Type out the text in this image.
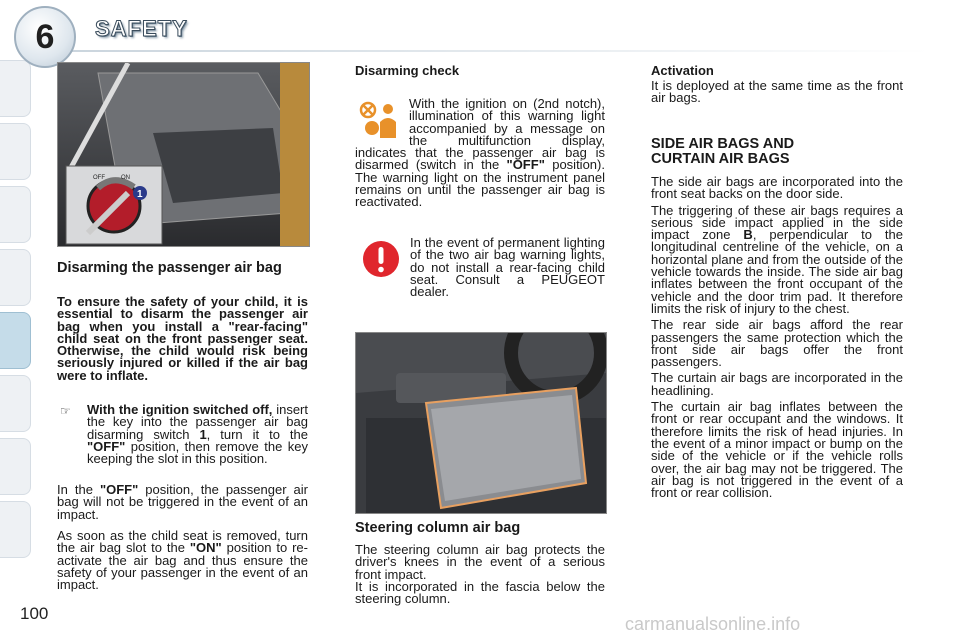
6 SAFETY
1
OFF	ON
Disarming the passenger air bag
To ensure the safety of your child, it is essential to disarm the passenger air bag when you install a "rear-facing" child seat on the front passenger seat. Otherwise, the child would risk being seriously injured or killed if the air bag were to inflate.
☞ With the ignition switched off, insert the key into the passenger air bag disarming switch 1, turn it to the "OFF" position, then remove the key keeping the slot in this position.
In the "OFF" position, the passenger air bag will not be triggered in the event of an impact.
As soon as the child seat is removed, turn the air bag slot to the "ON" position to re-activate the air bag and thus ensure the safety of your passenger in the event of an impact.
Disarming check
With the ignition on (2nd notch), illumination of this warning light accompanied by a message on the multifunction display, indicates that the passenger air bag is disarmed (switch in the "OFF" position). The warning light on the instrument panel remains on until the passenger air bag is reactivated.
In the event of permanent lighting of the two air bag warning lights, do not install a rear-facing child seat. Consult a PEUGEOT dealer.
Steering column air bag
The steering column air bag protects the driver's knees in the event of a serious front impact.
It is incorporated in the fascia below the steering column.
Activation
It is deployed at the same time as the front air bags.
SIDE AIR BAGS AND CURTAIN AIR BAGS

The side air bags are incorporated into the front seat backs on the door side.

The triggering of these air bags requires a serious side impact applied in the side impact zone B, perpendicular to the longitudinal centreline of the vehicle, on a horizontal plane and from the outside of the vehicle towards the inside. The side air bag inflates between the front occupant of the vehicle and the door trim pad. It therefore limits the risk of injury to the chest.

The rear side air bags afford the rear passengers the same protection which the front side air bags offer the front passengers.

The curtain air bags are incorporated in the headlining.

The curtain air bag inflates between the front or rear occupant and the windows. It therefore limits the risk of head injuries. In the event of a minor impact or bump on the side of the vehicle or if the vehicle rolls over, the air bag may not be triggered. The air bag is not triggered in the event of a front or rear collision.

100
carmanualsonline.info
